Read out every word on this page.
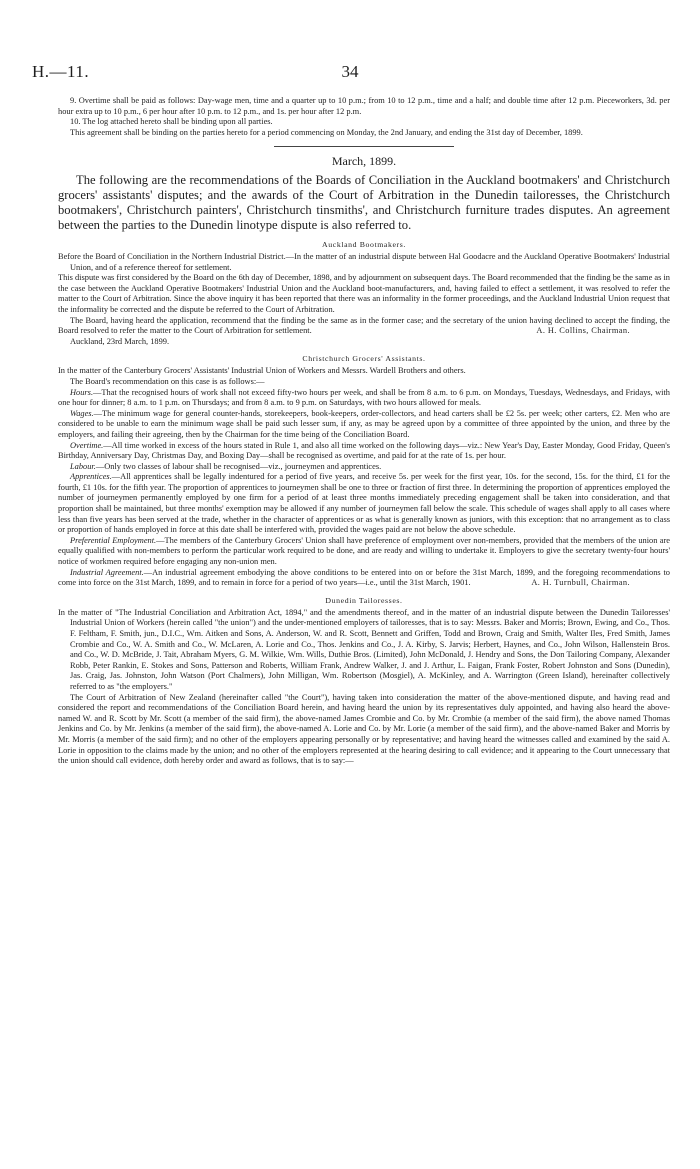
H.—11.	34

9. Overtime shall be paid as follows: Day-wage men, time and a quarter up to 10 p.m.; from 10 to 12 p.m., time and a half; and double time after 12 p.m. Pieceworkers, 3d. per hour extra up to 10 p.m., 6 per hour after 10 p.m. to 12 p.m., and 1s. per hour after 12 p.m.

10. The log attached hereto shall be binding upon all parties.

This agreement shall be binding on the parties hereto for a period commencing on Monday, the 2nd January, and ending the 31st day of December, 1899.

March, 1899.

The following are the recommendations of the Boards of Conciliation in the Auckland bootmakers' and Christchurch grocers' assistants' disputes; and the awards of the Court of Arbitration in the Dunedin tailoresses, the Christchurch bootmakers', Christchurch painters', Christchurch tinsmiths', and Christchurch furniture trades disputes. An agreement between the parties to the Dunedin linotype dispute is also referred to.

Auckland Bootmakers.

Before the Board of Conciliation in the Northern Industrial District.—In the matter of an industrial dispute between Hal Goodacre and the Auckland Operative Bootmakers' Industrial Union, and of a reference thereof for settlement.

This dispute was first considered by the Board on the 6th day of December, 1898, and by adjournment on subsequent days. The Board recommended that the finding be the same as in the case between the Auckland Operative Bootmakers' Industrial Union and the Auckland boot-manufacturers, and, having failed to effect a settlement, it was resolved to refer the matter to the Court of Arbitration. Since the above inquiry it has been reported that there was an informality in the former proceedings, and the Auckland Industrial Union request that the informality be corrected and the dispute be referred to the Court of Arbitration.

The Board, having heard the application, recommend that the finding be the same as in the former case; and the secretary of the union having declined to accept the finding, the Board resolved to refer the matter to the Court of Arbitration for settlement.	A. H. Collins, Chairman.

Auckland, 23rd March, 1899.

Christchurch Grocers' Assistants.

In the matter of the Canterbury Grocers' Assistants' Industrial Union of Workers and Messrs. Wardell Brothers and others.

The Board's recommendation on this case is as follows:—

Hours.—That the recognised hours of work shall not exceed fifty-two hours per week, and shall be from 8 a.m. to 6 p.m. on Mondays, Tuesdays, Wednesdays, and Fridays, with one hour for dinner; 8 a.m. to 1 p.m. on Thursdays; and from 8 a.m. to 9 p.m. on Saturdays, with two hours allowed for meals.

Wages.—The minimum wage for general counter-hands, storekeepers, book-keepers, order-collectors, and head carters shall be £2 5s. per week; other carters, £2. Men who are considered to be unable to earn the minimum wage shall be paid such lesser sum, if any, as may be agreed upon by a committee of three appointed by the union, and three by the employers, and failing their agreeing, then by the Chairman for the time being of the Conciliation Board.

Overtime.—All time worked in excess of the hours stated in Rule 1, and also all time worked on the following days—viz.: New Year's Day, Easter Monday, Good Friday, Queen's Birthday, Anniversary Day, Christmas Day, and Boxing Day—shall be recognised as overtime, and paid for at the rate of 1s. per hour.

Labour.—Only two classes of labour shall be recognised—viz., journeymen and apprentices.

Apprentices.—All apprentices shall be legally indentured for a period of five years, and receive 5s. per week for the first year, 10s. for the second, 15s. for the third, £1 for the fourth, £1 10s. for the fifth year. The proportion of apprentices to journeymen shall be one to three or fraction of first three. In determining the proportion of apprentices employed the number of journeymen permanently employed by one firm for a period of at least three months immediately preceding engagement shall be taken into consideration, and that proportion shall be maintained, but three months' exemption may be allowed if any number of journeymen fall below the scale. This schedule of wages shall apply to all cases where less than five years has been served at the trade, whether in the character of apprentices or as what is generally known as juniors, with this exception: that no arrangement as to class or proportion of hands employed in force at this date shall be interfered with, provided the wages paid are not below the above schedule.

Preferential Employment.—The members of the Canterbury Grocers' Union shall have preference of employment over non-members, provided that the members of the union are equally qualified with non-members to perform the particular work required to be done, and are ready and willing to undertake it. Employers to give the secretary twenty-four hours' notice of workmen required before engaging any non-union men.

Industrial Agreement.—An industrial agreement embodying the above conditions to be entered into on or before the 31st March, 1899, and the foregoing recommendations to come into force on the 31st March, 1899, and to remain in force for a period of two years—i.e., until the 31st March, 1901.	A. H. Turnbull, Chairman.

Dunedin Tailoresses.

In the matter of "The Industrial Conciliation and Arbitration Act, 1894," and the amendments thereof, and in the matter of an industrial dispute between the Dunedin Tailoresses' Industrial Union of Workers (herein called "the union") and the under-mentioned employers of tailoresses, that is to say: Messrs. Baker and Morris; Brown, Ewing, and Co., Thos. F. Feltham, F. Smith, jun., D.I.C., Wm. Aitken and Sons, A. Anderson, W. and R. Scott, Bennett and Griffen, Todd and Brown, Craig and Smith, Walter Iles, Fred Smith, James Crombie and Co., W. A. Smith and Co., W. McLaren, A. Lorie and Co., Thos. Jenkins and Co., J. A. Kirby, S. Jarvis; Herbert, Haynes, and Co., John Wilson, Hallenstein Bros. and Co., W. D. McBride, J. Tait, Abraham Myers, G. M. Wilkie, Wm. Wills, Duthie Bros. (Limited), John McDonald, J. Hendry and Sons, the Don Tailoring Company, Alexander Robb, Peter Rankin, E. Stokes and Sons, Patterson and Roberts, William Frank, Andrew Walker, J. and J. Arthur, L. Faigan, Frank Foster, Robert Johnston and Sons (Dunedin), Jas. Craig, Jas. Johnston, John Watson (Port Chalmers), John Milligan, Wm. Robertson (Mosgiel), A. McKinley, and A. Warrington (Green Island), hereinafter collectively referred to as "the employers."

The Court of Arbitration of New Zealand (hereinafter called "the Court"), having taken into consideration the matter of the above-mentioned dispute, and having read and considered the report and recommendations of the Conciliation Board herein, and having heard the union by its representatives duly appointed, and having also heard the above-named W. and R. Scott by Mr. Scott (a member of the said firm), the above-named James Crombie and Co. by Mr. Crombie (a member of the said firm), the above named Thomas Jenkins and Co. by Mr. Jenkins (a member of the said firm), the above-named A. Lorie and Co. by Mr. Lorie (a member of the said firm), and the above-named Baker and Morris by Mr. Morris (a member of the said firm); and no other of the employers appearing personally or by representative; and having heard the witnesses called and examined by the said A. Lorie in opposition to the claims made by the union; and no other of the employers represented at the hearing desiring to call evidence; and it appearing to the Court unnecessary that the union should call evidence, doth hereby order and award as follows, that is to say:—
